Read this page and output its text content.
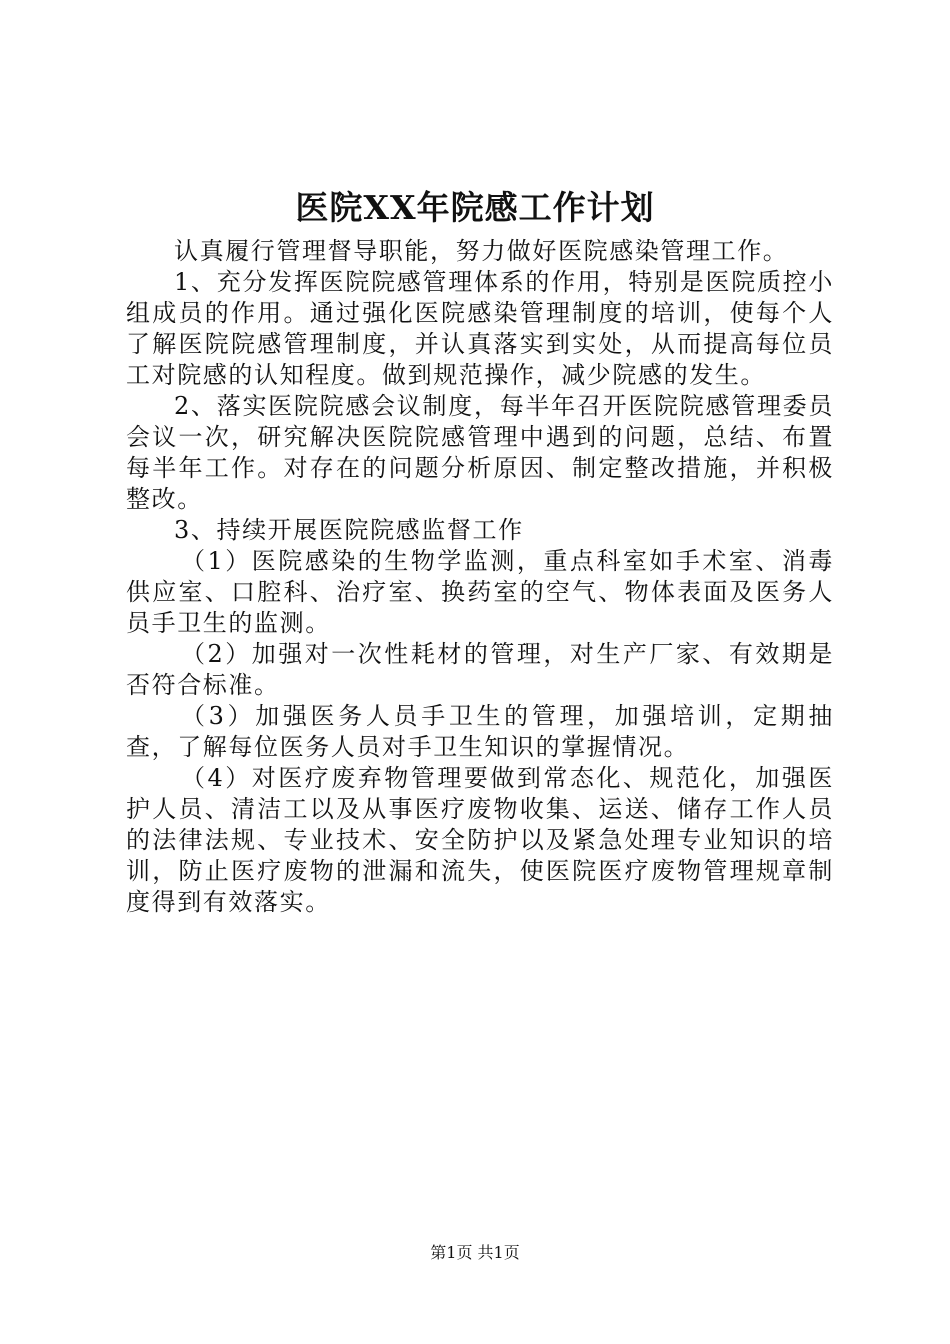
医院XX年院感工作计划

认真履行管理督导职能，努力做好医院感染管理工作。

1、充分发挥医院院感管理体系的作用，特别是医院质控小组成员的作用。通过强化医院感染管理制度的培训，使每个人了解医院院感管理制度，并认真落实到实处，从而提高每位员工对院感的认知程度。做到规范操作，减少院感的发生。

2、落实医院院感会议制度，每半年召开医院院感管理委员会议一次，研究解决医院院感管理中遇到的问题，总结、布置每半年工作。对存在的问题分析原因、制定整改措施，并积极整改。

3、持续开展医院院感监督工作

（1）医院感染的生物学监测，重点科室如手术室、消毒供应室、口腔科、治疗室、换药室的空气、物体表面及医务人员手卫生的监测。

（2）加强对一次性耗材的管理，对生产厂家、有效期是否符合标准。

（3）加强医务人员手卫生的管理，加强培训，定期抽查，了解每位医务人员对手卫生知识的掌握情况。

（4）对医疗废弃物管理要做到常态化、规范化，加强医护人员、清洁工以及从事医疗废物收集、运送、储存工作人员的法律法规、专业技术、安全防护以及紧急处理专业知识的培训，防止医疗废物的泄漏和流失，使医院医疗废物管理规章制度得到有效落实。

第1页 共1页
